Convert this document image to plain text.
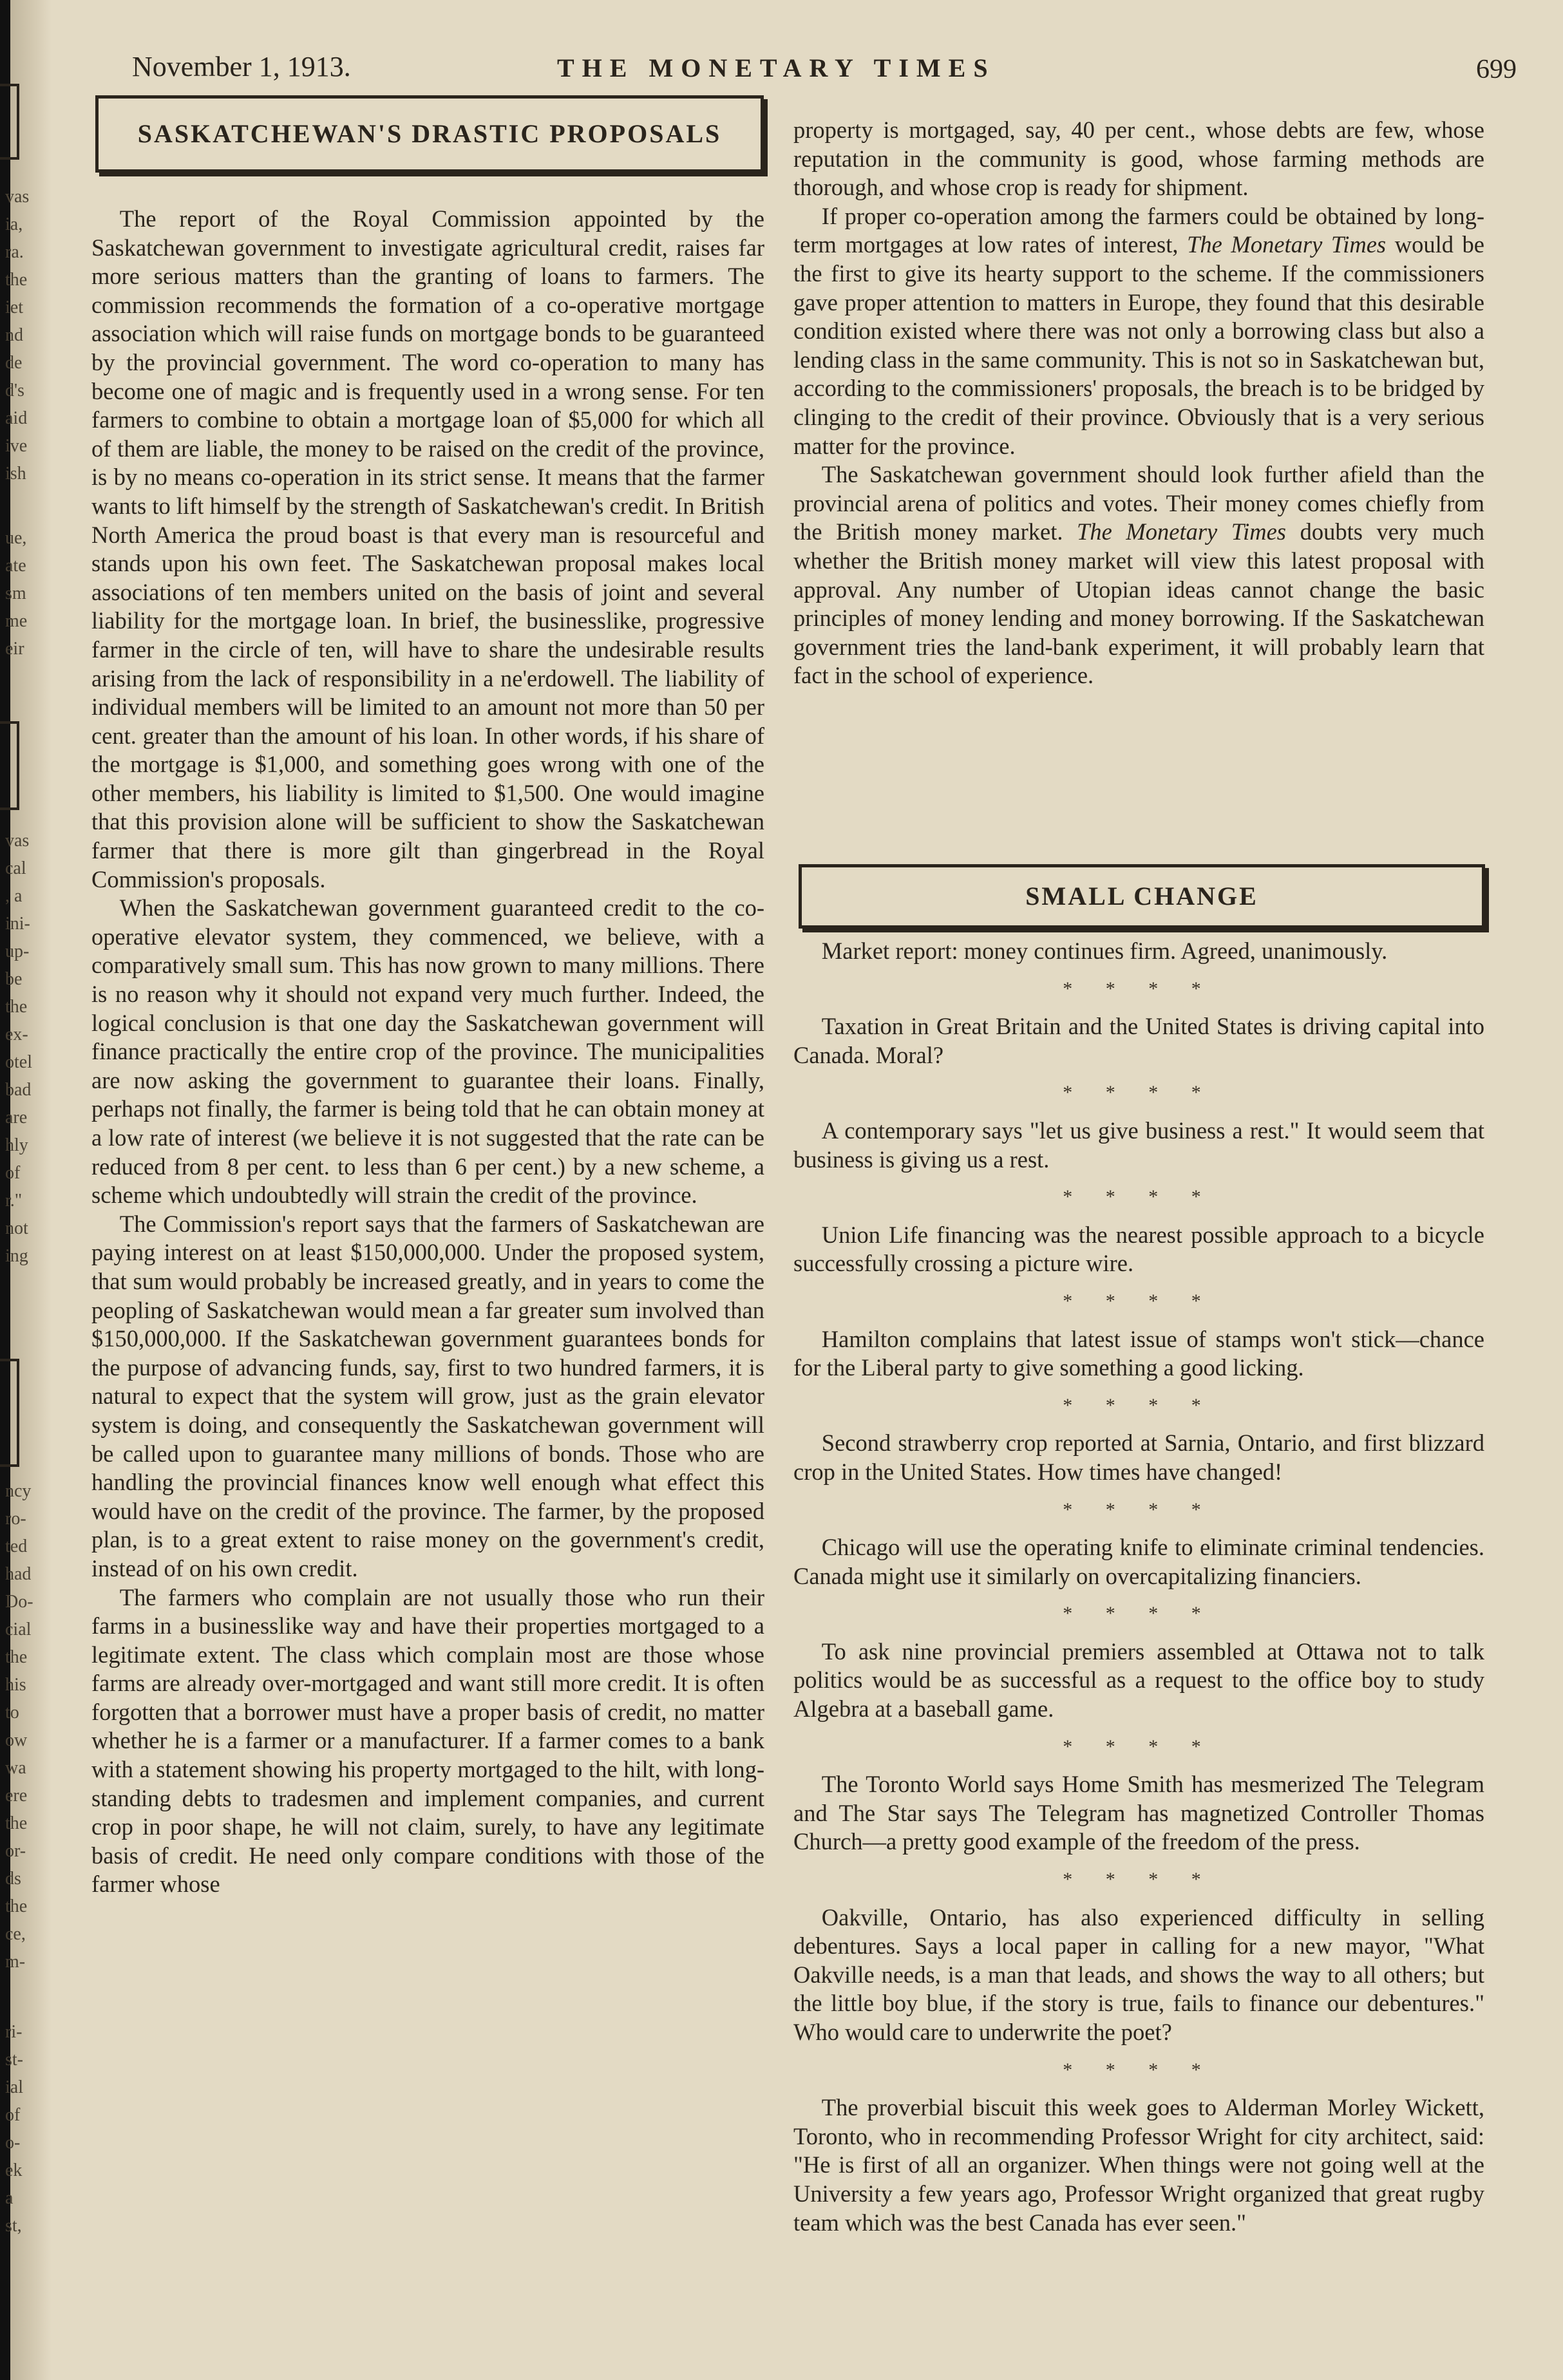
vas
ia,
ra.
the
iet
nd
de
d's
aid
ive
ish
ue,
ate
sm
me
eir
vas
cal
, a
ini-
up-
be
the
ex-
otel
bad
are
hly
of
r."
not
ing
ncy
ro-
ted
had
Do-
cial
the
his
to
ow
wa
ere
the
or-
ds
the
ce,
m-
ri-
st-
ial
of
o-
ek
a
st,
November 1, 1913.	THE MONETARY TIMES	699
SASKATCHEWAN'S DRASTIC PROPOSALS

The report of the Royal Commission appointed by the Saskatchewan government to investigate agricultural credit, raises far more serious matters than the granting of loans to farmers. The commission recommends the formation of a co-operative mortgage association which will raise funds on mortgage bonds to be guaranteed by the provincial government. The word co-operation to many has become one of magic and is frequently used in a wrong sense. For ten farmers to combine to obtain a mortgage loan of $5,000 for which all of them are liable, the money to be raised on the credit of the province, is by no means co-operation in its strict sense. It means that the farmer wants to lift himself by the strength of Saskatchewan's credit. In British North America the proud boast is that every man is resourceful and stands upon his own feet. The Saskatchewan proposal makes local associations of ten members united on the basis of joint and several liability for the mortgage loan. In brief, the businesslike, progressive farmer in the circle of ten, will have to share the undesirable results arising from the lack of responsibility in a ne'erdowell. The liability of individual members will be limited to an amount not more than 50 per cent. greater than the amount of his loan. In other words, if his share of the mortgage is $1,000, and something goes wrong with one of the other members, his liability is limited to $1,500. One would imagine that this provision alone will be sufficient to show the Saskatchewan farmer that there is more gilt than gingerbread in the Royal Commission's proposals.

When the Saskatchewan government guaranteed credit to the co-operative elevator system, they commenced, we believe, with a comparatively small sum. This has now grown to many millions. There is no reason why it should not expand very much further. Indeed, the logical conclusion is that one day the Saskatchewan government will finance practically the entire crop of the province. The municipalities are now asking the government to guarantee their loans. Finally, perhaps not finally, the farmer is being told that he can obtain money at a low rate of interest (we believe it is not suggested that the rate can be reduced from 8 per cent. to less than 6 per cent.) by a new scheme, a scheme which undoubtedly will strain the credit of the province.

The Commission's report says that the farmers of Saskatchewan are paying interest on at least $150,000,000. Under the proposed system, that sum would probably be increased greatly, and in years to come the peopling of Saskatchewan would mean a far greater sum involved than $150,000,000. If the Saskatchewan government guarantees bonds for the purpose of advancing funds, say, first to two hundred farmers, it is natural to expect that the system will grow, just as the grain elevator system is doing, and consequently the Saskatchewan government will be called upon to guarantee many millions of bonds. Those who are handling the provincial finances know well enough what effect this would have on the credit of the province. The farmer, by the proposed plan, is to a great extent to raise money on the government's credit, instead of on his own credit.

The farmers who complain are not usually those who run their farms in a businesslike way and have their properties mortgaged to a legitimate extent. The class which complain most are those whose farms are already over-mortgaged and want still more credit. It is often forgotten that a borrower must have a proper basis of credit, no matter whether he is a farmer or a manufacturer. If a farmer comes to a bank with a statement showing his property mortgaged to the hilt, with long-standing debts to tradesmen and implement companies, and current crop in poor shape, he will not claim, surely, to have any legitimate basis of credit. He need only compare conditions with those of the farmer whose

property is mortgaged, say, 40 per cent., whose debts are few, whose reputation in the community is good, whose farming methods are thorough, and whose crop is ready for shipment.

If proper co-operation among the farmers could be obtained by long-term mortgages at low rates of interest, The Monetary Times would be the first to give its hearty support to the scheme. If the commissioners gave proper attention to matters in Europe, they found that this desirable condition existed where there was not only a borrowing class but also a lending class in the same community. This is not so in Saskatchewan but, according to the commissioners' proposals, the breach is to be bridged by clinging to the credit of their province. Obviously that is a very serious matter for the province.

The Saskatchewan government should look further afield than the provincial arena of politics and votes. Their money comes chiefly from the British money market. The Monetary Times doubts very much whether the British money market will view this latest proposal with approval. Any number of Utopian ideas cannot change the basic principles of money lending and money borrowing. If the Saskatchewan government tries the land-bank experiment, it will probably learn that fact in the school of experience.

SMALL CHANGE

Market report: money continues firm. Agreed, unanimously.

* * * *

Taxation in Great Britain and the United States is driving capital into Canada. Moral?

* * * *

A contemporary says "let us give business a rest." It would seem that business is giving us a rest.

* * * *

Union Life financing was the nearest possible approach to a bicycle successfully crossing a picture wire.

* * * *

Hamilton complains that latest issue of stamps won't stick—chance for the Liberal party to give something a good licking.

* * * *

Second strawberry crop reported at Sarnia, Ontario, and first blizzard crop in the United States. How times have changed!

* * * *

Chicago will use the operating knife to eliminate criminal tendencies. Canada might use it similarly on overcapitalizing financiers.

* * * *

To ask nine provincial premiers assembled at Ottawa not to talk politics would be as successful as a request to the office boy to study Algebra at a baseball game.

* * * *

The Toronto World says Home Smith has mesmerized The Telegram and The Star says The Telegram has magnetized Controller Thomas Church—a pretty good example of the freedom of the press.

* * * *

Oakville, Ontario, has also experienced difficulty in selling debentures. Says a local paper in calling for a new mayor, "What Oakville needs, is a man that leads, and shows the way to all others; but the little boy blue, if the story is true, fails to finance our debentures." Who would care to underwrite the poet?

* * * *

The proverbial biscuit this week goes to Alderman Morley Wickett, Toronto, who in recommending Professor Wright for city architect, said: "He is first of all an organizer. When things were not going well at the University a few years ago, Professor Wright organized that great rugby team which was the best Canada has ever seen."
